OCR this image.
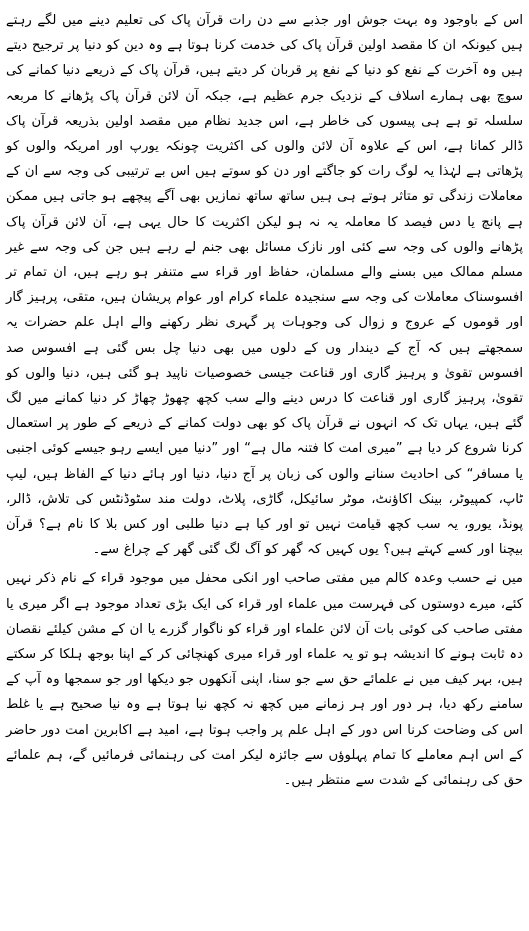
اس کے باوجود وہ بہت جوش اور جذبے سے دن رات قرآن پاک کی تعلیم دینے میں لگے رہتے ہیں کیونکہ ان کا مقصد اولین قرآن پاک کی خدمت کرنا ہوتا ہے وہ دین کو دنیا پر ترجیح دیتے ہیں وہ آخرت کے نفع کو دنیا کے نفع پر قربان کر دیتے ہیں، قرآن پاک کے ذریعے دنیا کمانے کی سوچ بھی ہمارے اسلاف کے نزدیک جرم عظیم ہے، جبکہ آن لائن قرآن پاک پڑھانے کا مربعہ سلسلہ تو ہے ہی پیسوں کی خاطر ہے، اس جدید نظام میں مقصد اولین بذریعہ قرآن پاک ڈالر کمانا ہے، اس کے علاوہ آن لائن والوں کی اکثریت چونکہ یورپ اور امریکہ والوں کو پڑھاتی ہے لہٰذا یہ لوگ رات کو جاگتے اور دن کو سوتے ہیں اس بے ترتیبی کی وجہ سے ان کے معاملات زندگی تو متاثر ہوتے ہی ہیں ساتھ ساتھ نمازیں بھی آگے پیچھے ہو جاتی ہیں ممکن ہے پانچ یا دس فیصد کا معاملہ یہ نہ ہو لیکن اکثریت کا حال یہی ہے، آن لائن قرآن پاک پڑھانے والوں کی وجہ سے کئی اور نازک مسائل بھی جنم لے رہے ہیں جن کی وجہ سے غیر مسلم ممالک میں بسنے والے مسلمان، حفاظ اور قراء سے متنفر ہو رہے ہیں، ان تمام تر افسوسناک معاملات کی وجہ سے سنجیدہ علماء کرام اور عوام پریشان ہیں، متقی، پرہیز گار اور قوموں کے عروج و زوال کی وجوہات پر گہری نظر رکھنے والے اہل علم حضرات یہ سمجھتے ہیں کہ آج کے دیندار وں کے دلوں میں بھی دنیا چل بس گئی ہے افسوس صد افسوس تقویٰ و پرہیز گاری اور قناعت جیسی خصوصیات ناپید ہو گئی ہیں، دنیا والوں کو تقویٰ، پرہیز گاری اور قناعت کا درس دینے والے سب کچھ چھوڑ چھاڑ کر دنیا کمانے میں لگ گئے ہیں، یہاں تک کہ انہوں نے قرآن پاک کو بھی دولت کمانے کے ذریعے کے طور پر استعمال کرنا شروع کر دیا ہے ”میری امت کا فتنہ مال ہے“ اور ”دنیا میں ایسے رہو جیسے کوئی اجنبی یا مسافر“ کی احادیث سنانے والوں کی زبان پر آج دنیا، دنیا اور ہائے دنیا کے الفاظ ہیں، لیپ ٹاپ، کمپیوٹر، بینک اکاؤنٹ، موٹر سائیکل، گاڑی، پلاٹ، دولت مند سٹوڈنٹس کی تلاش، ڈالر، پونڈ، یورو، یہ سب کچھ قیامت نہیں تو اور کیا ہے دنیا طلبی اور کس بلا کا نام ہے؟ قرآن بیچنا اور کسے کہتے ہیں؟ یوں کہیں کہ گھر کو آگ لگ گئی گھر کے چراغ سے۔

میں نے حسب وعدہ کالم میں مفتی صاحب اور انکی محفل میں موجود قراء کے نام ذکر نہیں کئے، میرے دوستوں کی فہرست میں علماء اور قراء کی ایک بڑی تعداد موجود ہے اگر میری یا مفتی صاحب کی کوئی بات آن لائن علماء اور قراء کو ناگوار گزرے یا ان کے مشن کیلئے نقصان دہ ثابت ہونے کا اندیشہ ہو تو یہ علماء اور قراء میری کھنچائی کر کے اپنا بوجھ ہلکا کر سکتے ہیں، بہر کیف میں نے علمائے حق سے جو سنا، اپنی آنکھوں جو دیکھا اور جو سمجھا وہ آپ کے سامنے رکھ دیا، ہر دور اور ہر زمانے میں کچھ نہ کچھ نیا ہوتا ہے وہ نیا صحیح ہے یا غلط اس کی وضاحت کرنا اس دور کے اہل علم پر واجب ہوتا ہے، امید ہے اکابرین امت دور حاضر کے اس اہم معاملے کا تمام پہلوؤں سے جائزہ لیکر امت کی رہنمائی فرمائیں گے، ہم علمائے حق کی رہنمائی کے شدت سے منتظر ہیں۔
